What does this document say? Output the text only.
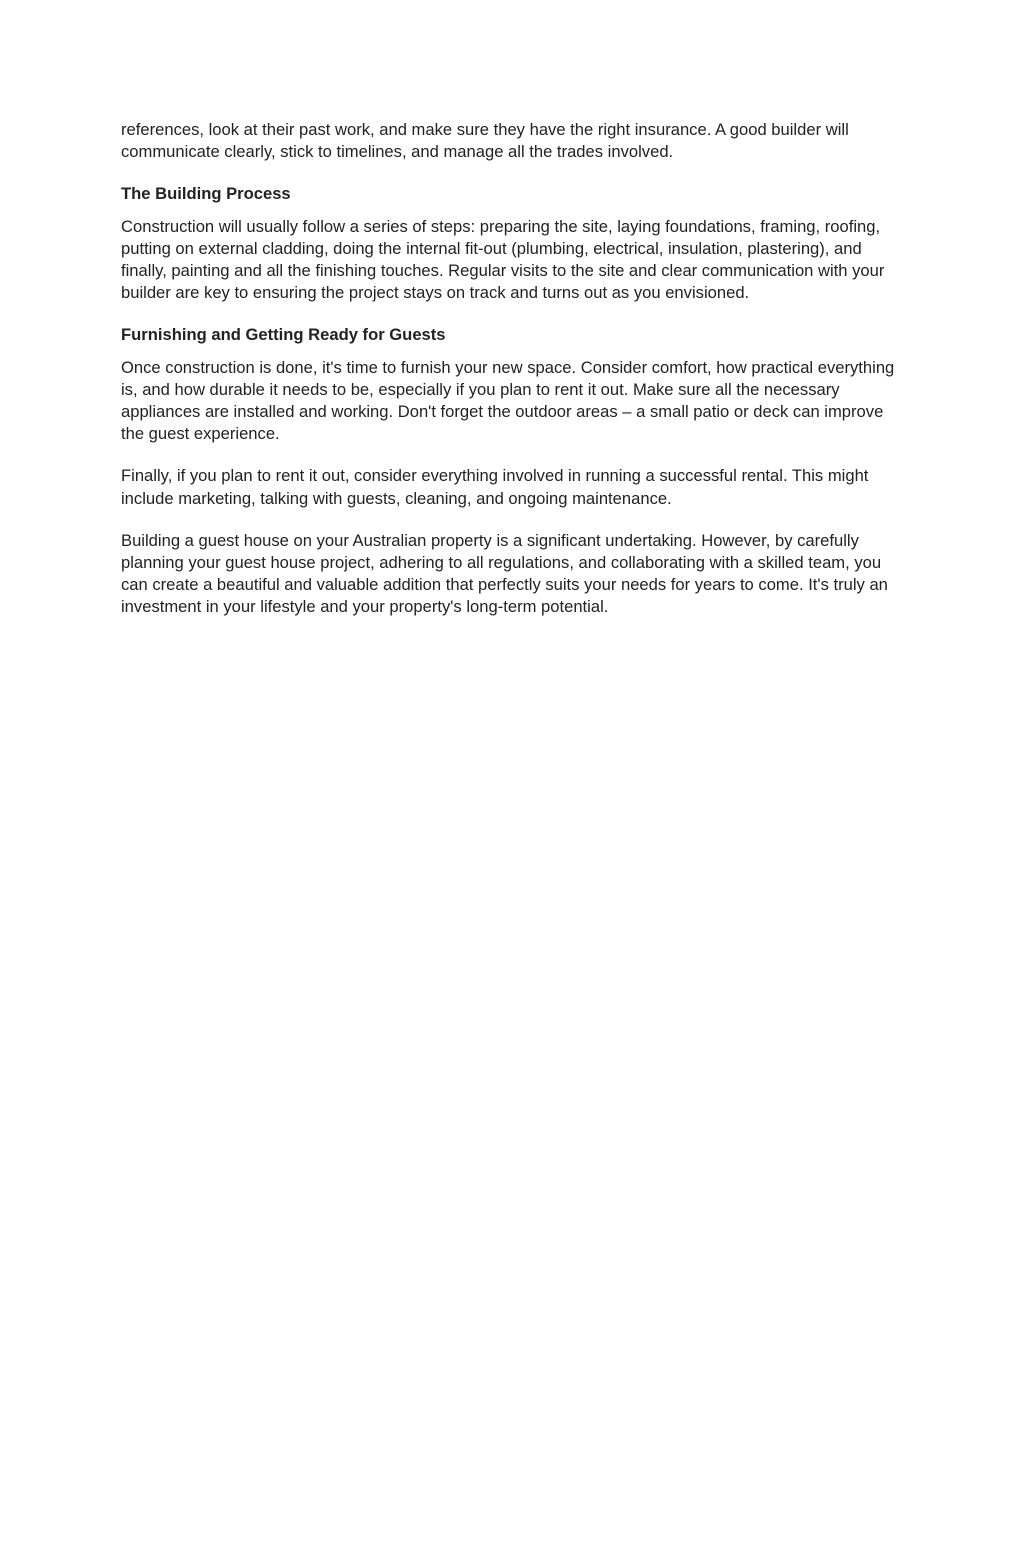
references, look at their past work, and make sure they have the right insurance. A good builder will communicate clearly, stick to timelines, and manage all the trades involved.

The Building Process

Construction will usually follow a series of steps: preparing the site, laying foundations, framing, roofing, putting on external cladding, doing the internal fit-out (plumbing, electrical, insulation, plastering), and finally, painting and all the finishing touches. Regular visits to the site and clear communication with your builder are key to ensuring the project stays on track and turns out as you envisioned.

Furnishing and Getting Ready for Guests

Once construction is done, it's time to furnish your new space. Consider comfort, how practical everything is, and how durable it needs to be, especially if you plan to rent it out. Make sure all the necessary appliances are installed and working. Don't forget the outdoor areas – a small patio or deck can improve the guest experience.

Finally, if you plan to rent it out, consider everything involved in running a successful rental. This might include marketing, talking with guests, cleaning, and ongoing maintenance.

Building a guest house on your Australian property is a significant undertaking. However, by carefully planning your guest house project, adhering to all regulations, and collaborating with a skilled team, you can create a beautiful and valuable addition that perfectly suits your needs for years to come. It's truly an investment in your lifestyle and your property's long-term potential.
